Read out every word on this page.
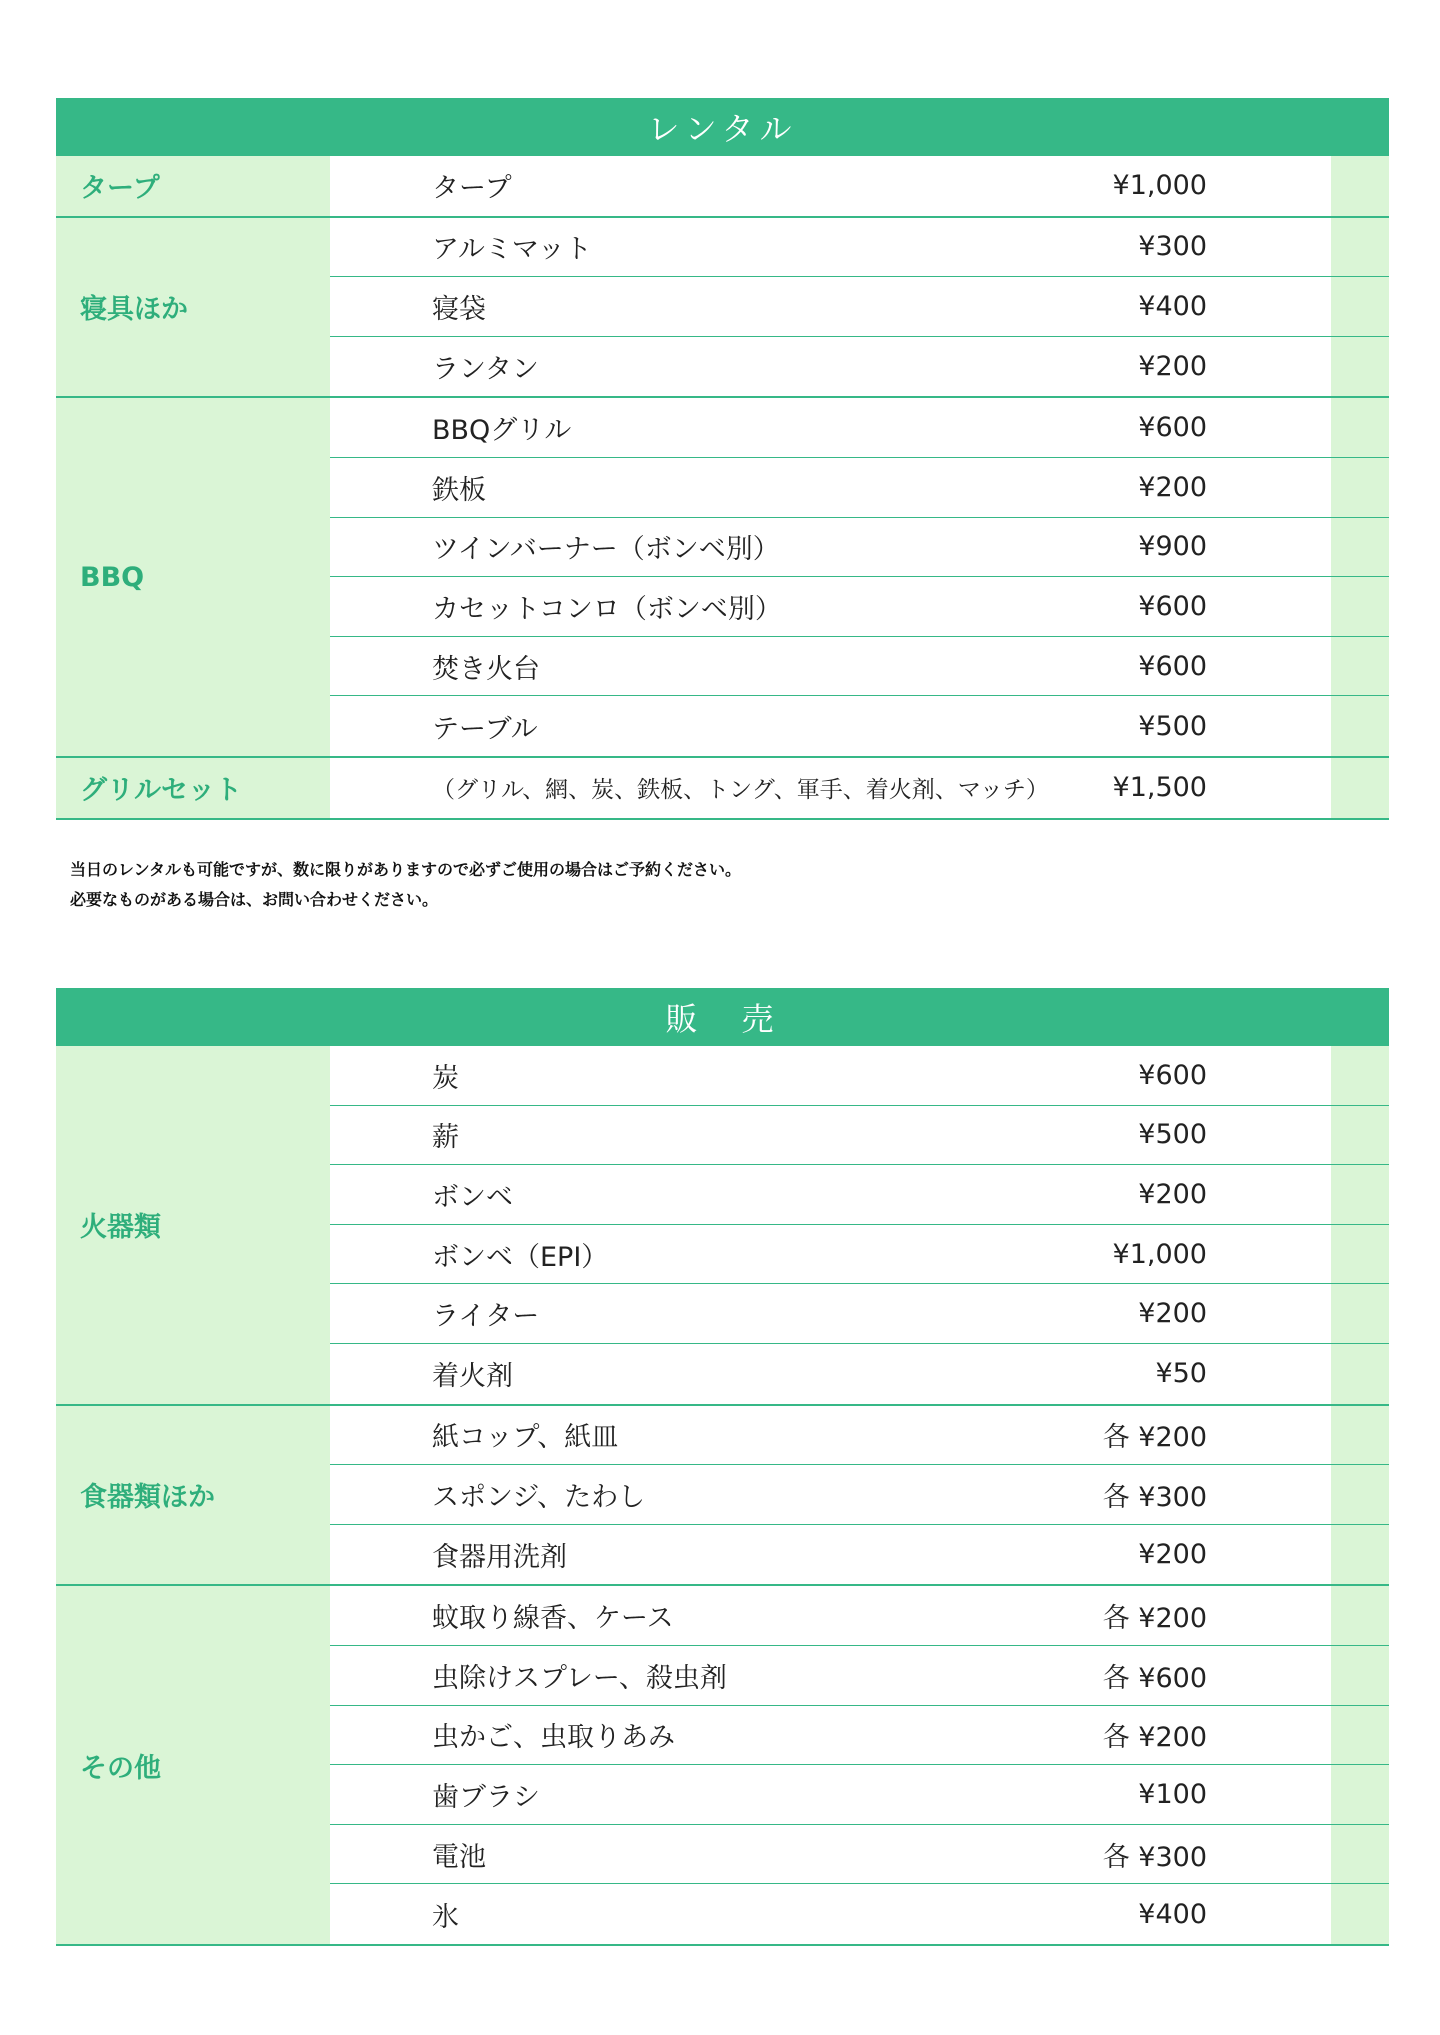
レンタル
タープ	タープ	¥1,000
寝具ほか
アルミマット	¥300
寝袋	¥400
ランタン	¥200
BBQ
BBQグリル	¥600
鉄板	¥200
ツインバーナー（ボンベ別）	¥900
カセットコンロ（ボンベ別）	¥600
焚き火台	¥600
テーブル	¥500
グリルセット	（グリル、網、炭、鉄板、トング、軍手、着火剤、マッチ）	¥1,500
当日のレンタルも可能ですが、数に限りがありますので必ずご使用の場合はご予約ください。
必要なものがある場合は、お問い合わせください。
販　売
火器類
炭	¥600
薪	¥500
ボンベ	¥200
ボンベ（EPI）	¥1,000
ライター	¥200
着火剤	¥50
食器類ほか
紙コップ、紙皿	各 ¥200
スポンジ、たわし	各 ¥300
食器用洗剤	¥200
その他
蚊取り線香、ケース	各 ¥200
虫除けスプレー、殺虫剤	各 ¥600
虫かご、虫取りあみ	各 ¥200
歯ブラシ	¥100
電池	各 ¥300
氷	¥400
